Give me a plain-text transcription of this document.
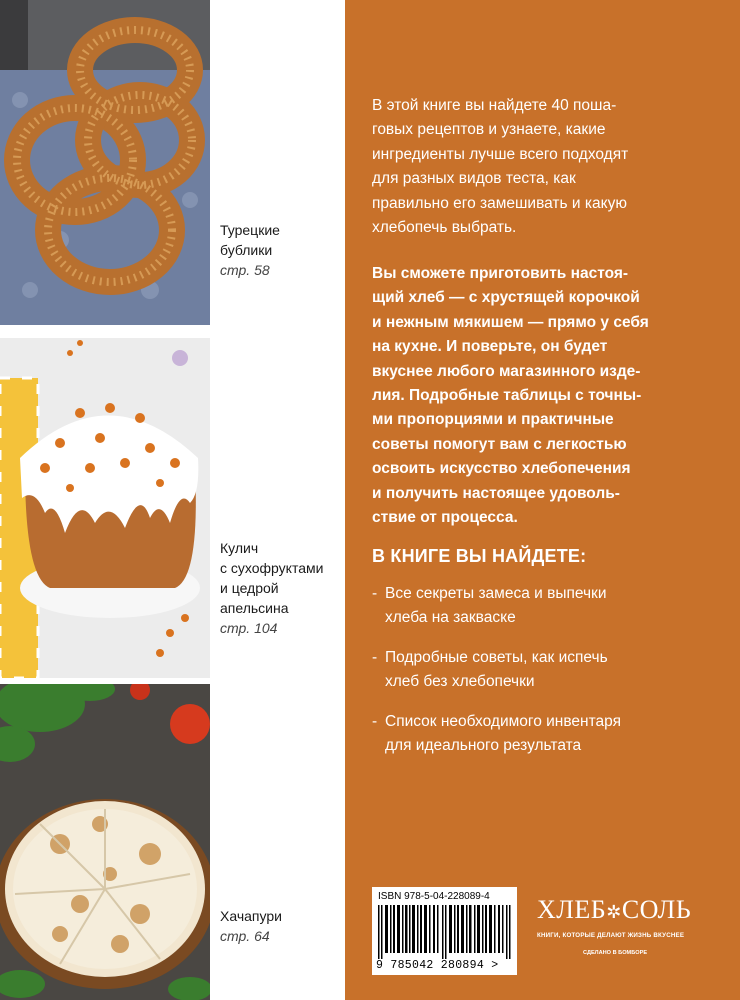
Турецкие
бублики
стр. 58
Кулич
с сухофруктами
и цедрой
апельсина
стр. 104
Хачапури
стр. 64
В этой книге вы найдете 40 поша-
говых рецептов и узнаете, какие
ингредиенты лучше всего подходят
для разных видов теста, как
правильно его замешивать и какую
хлебопечь выбрать.
Вы сможете приготовить настоя-
щий хлеб — с хрустящей корочкой
и нежным мякишем — прямо у себя
на кухне. И поверьте, он будет
вкуснее любого магазинного изде-
лия. Подробные таблицы с точны-
ми пропорциями и практичные
советы помогут вам с легкостью
освоить искусство хлебопечения
и получить настоящее удоволь-
ствие от процесса.
В КНИГЕ ВЫ НАЙДЕТЕ:
- Все секреты замеса и выпечки
хлеба на закваске
- Подробные советы, как испечь
хлеб без хлебопечки
- Список необходимого инвентаря
для идеального результата
ISBN 978-5-04-228089-4
9 785042 280894 >
ХЛЕБ✲СОЛЬ
КНИГИ, КОТОРЫЕ ДЕЛАЮТ ЖИЗНЬ ВКУСНЕЕ
СДЕЛАНО В БОМБОРЕ
